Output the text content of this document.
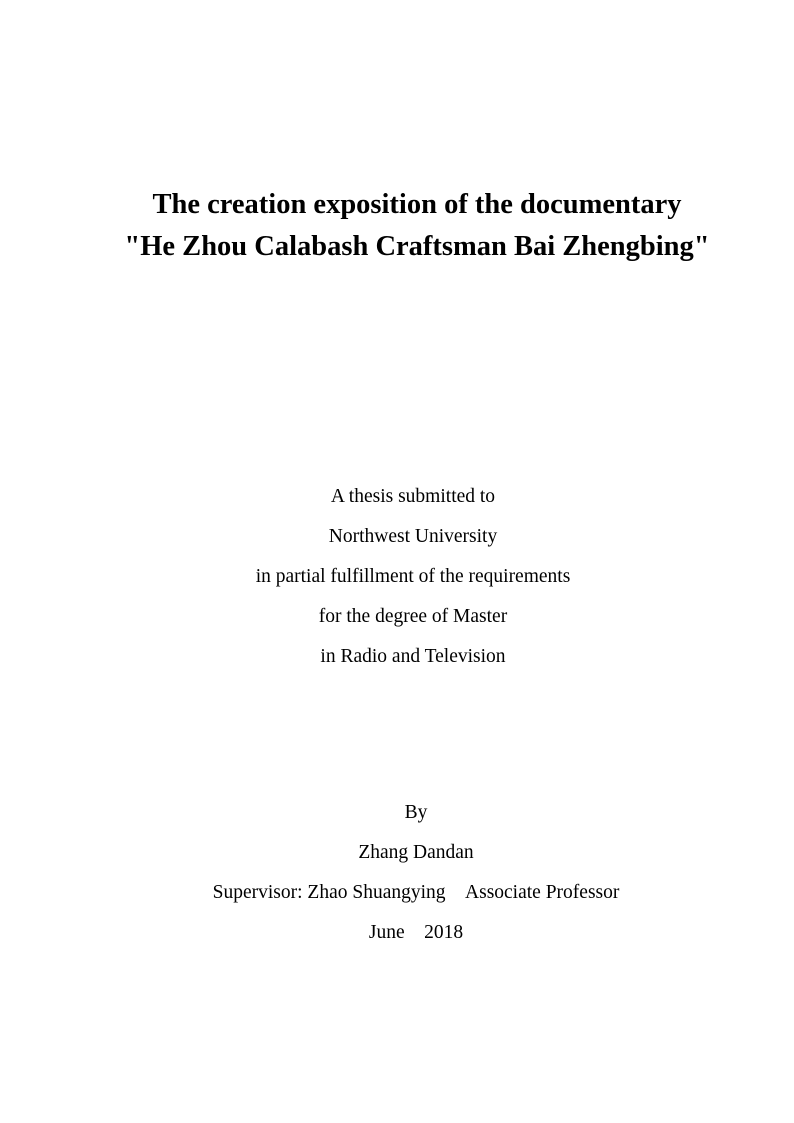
The creation exposition of the documentary
"He Zhou Calabash Craftsman Bai Zhengbing"
A thesis submitted to
Northwest University
in partial fulfillment of the requirements
for the degree of Master
in Radio and Television
By
Zhang Dandan
Supervisor: Zhao Shuangying　Associate Professor
June　2018
